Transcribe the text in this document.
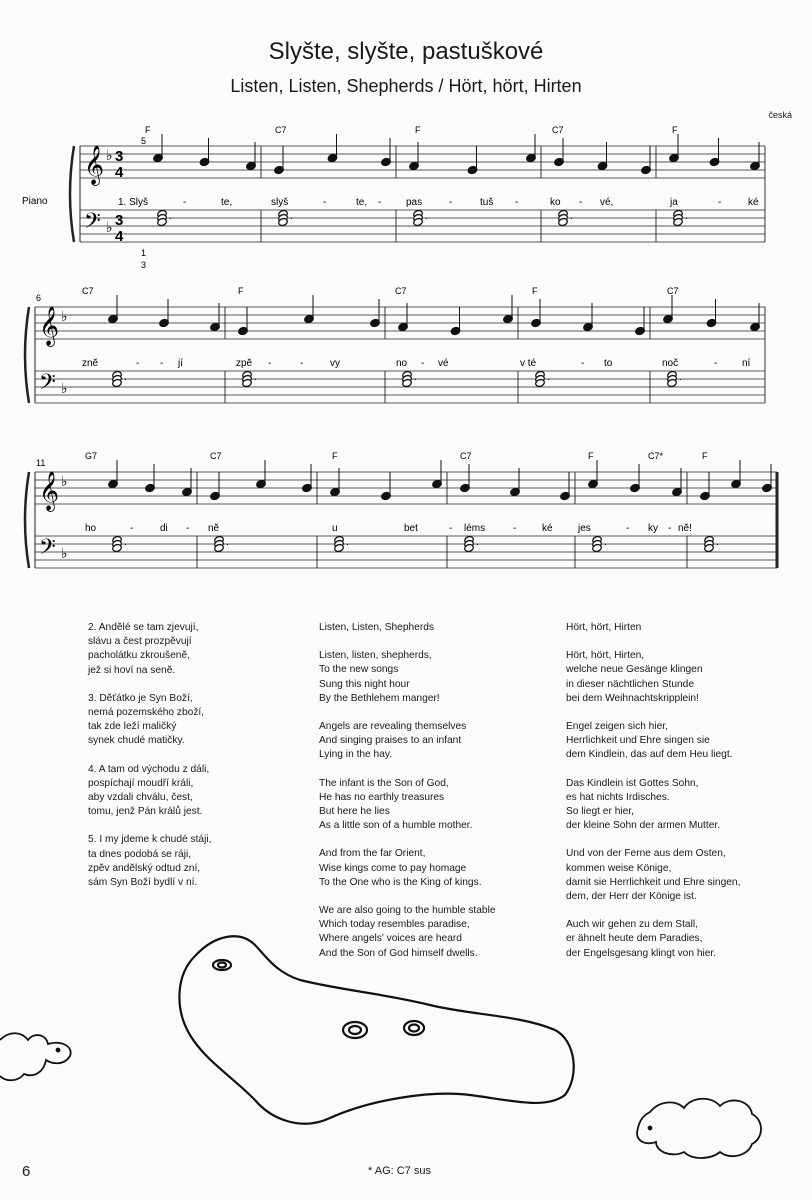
Slyšte, slyšte, pastuškové
Listen, Listen, Shepherds / Hört, hört, Hirten
česká
𝄞
𝄢
♭
♭
3
4
3
4
Piano
5
1
3
F	C7	F	C7	F
1. Slyš	-	te,	slyš	-	te, - pas	-	tuš -	ko - vé,	ja	-	ké
.	.	.	.	.
𝄞
𝄢
♭
♭
6
C7	F	C7	F	C7
znĕ	- - jí	zpĕ -	-	vy	no - vé	v té	- to	noč	- ní
.	.	.	.	.
𝄞
𝄢
♭
♭
11
G7	C7	F	C7	F	C7*	F
ho	-	di - nĕ	u	bet	- léms	-	ké	jes	- ky - nĕ!
.	.	.	.	.	.
2. Andĕlé se tam zjevují,
slávu a čest prozpĕvují
pacholátku zkroušenĕ,
jež si hoví na senĕ.
3. Dĕťátko je Syn Boží,
nemá pozemského zboží,
tak zde leží maličký
synek chudé matičky.
4. A tam od východu z dáli,
pospíchají moudří králi,
aby vzdali chválu, čest,
tomu, jenž Pán králů jest.
5. I my jdeme k chudé stáji,
ta dnes podobá se ráji,
zpĕv andĕlský odtud zní,
sám Syn Boží bydlí v ní.
Listen, Listen, Shepherds
Listen, listen, shepherds,
To the new songs
Sung this night hour
By the Bethlehem manger!
Angels are revealing themselves
And singing praises to an infant
Lying in the hay.
The infant is the Son of God,
He has no earthly treasures
But here he lies
As a little son of a humble mother.
And from the far Orient,
Wise kings come to pay homage
To the One who is the King of kings.
We are also going to the humble stable
Which today resembles paradise,
Where angels' voices are heard
And the Son of God himself dwells.
Hört, hört, Hirten
Hört, hört, Hirten,
welche neue Gesänge klingen
in dieser nächtlichen Stunde
bei dem Weihnachtskripplein!
Engel zeigen sich hier,
Herrlichkeit und Ehre singen sie
dem Kindlein, das auf dem Heu liegt.
Das Kindlein ist Gottes Sohn,
es hat nichts Irdisches.
So liegt er hier,
der kleine Sohn der armen Mutter.
Und von der Ferne aus dem Osten,
kommen weise Könige,
damit sie Herrlichkeit und Ehre singen,
dem, der Herr der Könige ist.
Auch wir gehen zu dem Stall,
er ähnelt heute dem Paradies,
der Engelsgesang klingt von hier.
6	* AG: C7 sus
